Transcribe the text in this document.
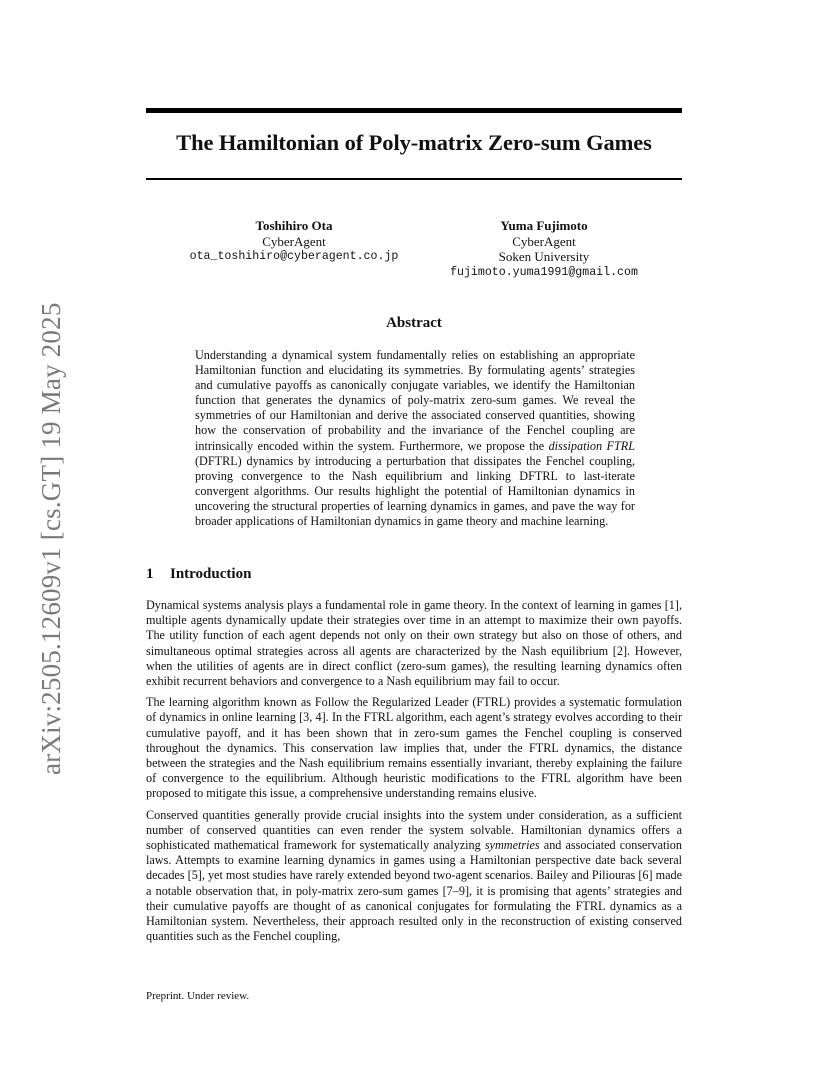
arXiv:2505.12609v1 [cs.GT] 19 May 2025
The Hamiltonian of Poly-matrix Zero-sum Games
Toshihiro Ota
CyberAgent
ota_toshihiro@cyberagent.co.jp
Yuma Fujimoto
CyberAgent
Soken University
fujimoto.yuma1991@gmail.com
Abstract
Understanding a dynamical system fundamentally relies on establishing an appropriate Hamiltonian function and elucidating its symmetries. By formulating agents’ strategies and cumulative payoffs as canonically conjugate variables, we identify the Hamiltonian function that generates the dynamics of poly-matrix zero-sum games. We reveal the symmetries of our Hamiltonian and derive the associated conserved quantities, showing how the conservation of probability and the invariance of the Fenchel coupling are intrinsically encoded within the system. Furthermore, we propose the dissipation FTRL (DFTRL) dynamics by introducing a perturbation that dissipates the Fenchel coupling, proving convergence to the Nash equilibrium and linking DFTRL to last-iterate convergent algorithms. Our results highlight the potential of Hamiltonian dynamics in uncovering the structural properties of learning dynamics in games, and pave the way for broader applications of Hamiltonian dynamics in game theory and machine learning.
1 Introduction

Dynamical systems analysis plays a fundamental role in game theory. In the context of learning in games [1], multiple agents dynamically update their strategies over time in an attempt to maximize their own payoffs. The utility function of each agent depends not only on their own strategy but also on those of others, and simultaneous optimal strategies across all agents are characterized by the Nash equilibrium [2]. However, when the utilities of agents are in direct conflict (zero-sum games), the resulting learning dynamics often exhibit recurrent behaviors and convergence to a Nash equilibrium may fail to occur.

The learning algorithm known as Follow the Regularized Leader (FTRL) provides a systematic formulation of dynamics in online learning [3, 4]. In the FTRL algorithm, each agent’s strategy evolves according to their cumulative payoff, and it has been shown that in zero-sum games the Fenchel coupling is conserved throughout the dynamics. This conservation law implies that, under the FTRL dynamics, the distance between the strategies and the Nash equilibrium remains essentially invariant, thereby explaining the failure of convergence to the equilibrium. Although heuristic modifications to the FTRL algorithm have been proposed to mitigate this issue, a comprehensive understanding remains elusive.

Conserved quantities generally provide crucial insights into the system under consideration, as a sufficient number of conserved quantities can even render the system solvable. Hamiltonian dynamics offers a sophisticated mathematical framework for systematically analyzing symmetries and associated conservation laws. Attempts to examine learning dynamics in games using a Hamiltonian perspective date back several decades [5], yet most studies have rarely extended beyond two-agent scenarios. Bailey and Piliouras [6] made a notable observation that, in poly-matrix zero-sum games [7–9], it is promising that agents’ strategies and their cumulative payoffs are thought of as canonical conjugates for formulating the FTRL dynamics as a Hamiltonian system. Nevertheless, their approach resulted only in the reconstruction of existing conserved quantities such as the Fenchel coupling,

Preprint. Under review.
